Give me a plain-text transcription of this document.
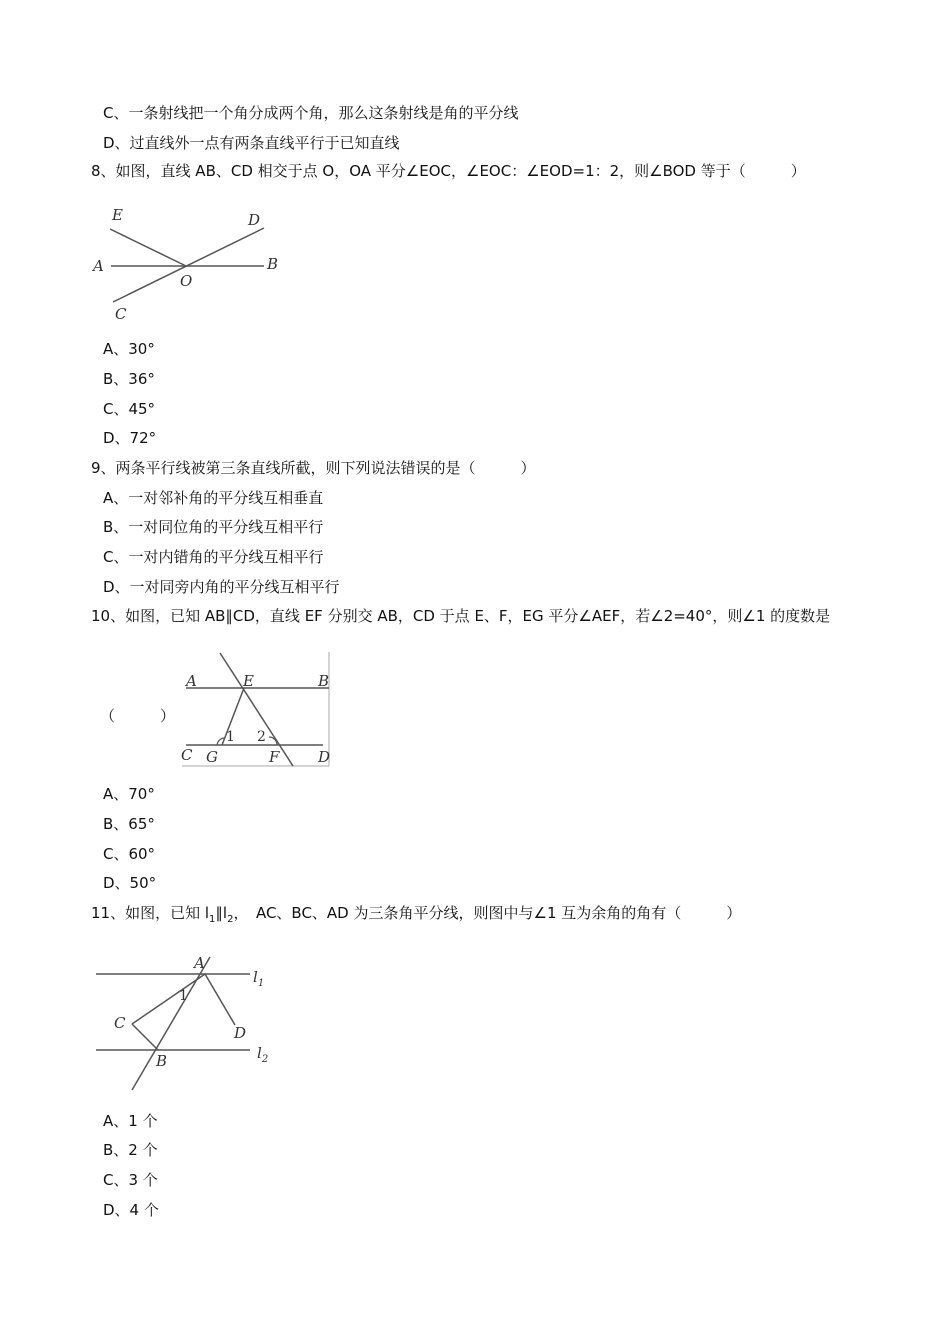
C、一条射线把一个角分成两个角，那么这条射线是角的平分线
D、过直线外一点有两条直线平行于已知直线
8、如图，直线 AB、CD 相交于点 O，OA 平分∠EOC，∠EOC：∠EOD=1：2，则∠BOD 等于（　　　）
E	D
A	B
O
C
A、30°
B、36°
C、45°
D、72°
9、两条平行线被第三条直线所截，则下列说法错误的是（　　　）
A、一对邻补角的平分线互相垂直
B、一对同位角的平分线互相平行
C、一对内错角的平分线互相平行
D、一对同旁内角的平分线互相平行
10、如图，已知 AB∥CD，直线 EF 分别交 AB，CD 于点 E、F，EG 平分∠AEF，若∠2=40°，则∠1 的度数是
（　　　）
A	E	B
1 2
C G	F	D
A、70°
B、65°
C、60°
D、50°
11、如图，已知 $l_1\parallel l_2$，　AC、BC、AD 为三条角平分线，则图中与∠1 互为余角的角有（　　　）
A
1
C
D
B
$l_1$
$l_2$
A、1 个
B、2 个
C、3 个
D、4 个
